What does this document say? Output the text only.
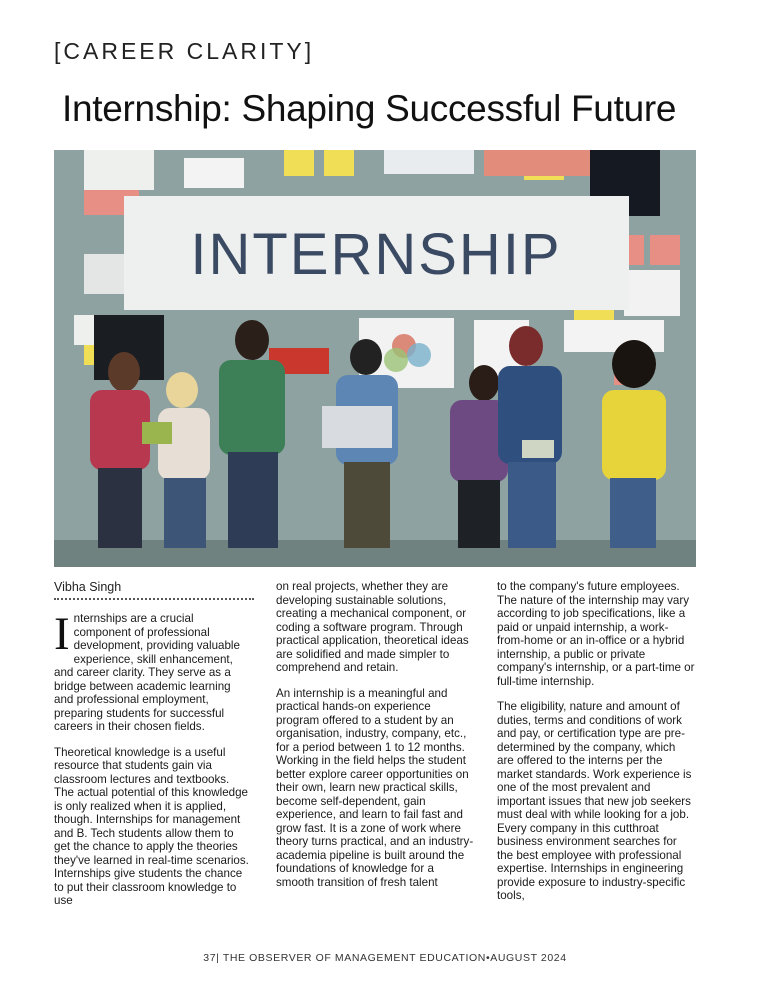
[CAREER CLARITY]
Internship: Shaping Successful Future
INTERNSHIP
Vibha Singh

Internships are a crucial component of professional development, providing valuable experience, skill enhancement, and career clarity. They serve as a bridge between academic learning and professional employment, preparing students for successful careers in their chosen fields.

Theoretical knowledge is a useful resource that students gain via classroom lectures and textbooks. The actual potential of this knowledge is only realized when it is applied, though. Internships for management and B. Tech students allow them to get the chance to apply the theories they've learned in real-time scenarios. Internships give students the chance to put their classroom knowledge to use

on real projects, whether they are developing sustainable solutions, creating a mechanical component, or coding a software program. Through practical application, theoretical ideas are solidified and made simpler to comprehend and retain.

An internship is a meaningful and practical hands-on experience program offered to a student by an organisation, industry, company, etc., for a period between 1 to 12 months. Working in the field helps the student better explore career opportunities on their own, learn new practical skills, become self-dependent, gain experience, and learn to fail fast and grow fast. It is a zone of work where theory turns practical, and an industry-academia pipeline is built around the foundations of knowledge for a smooth transition of fresh talent

to the company's future employees. The nature of the internship may vary according to job specifications, like a paid or unpaid internship, a work-from-home or an in-office or a hybrid internship, a public or private company's internship, or a part-time or full-time internship.

The eligibility, nature and amount of duties, terms and conditions of work and pay, or certification type are pre-determined by the company, which are offered to the interns per the market standards. Work experience is one of the most prevalent and important issues that new job seekers must deal with while looking for a job. Every company in this cutthroat business environment searches for the best employee with professional expertise. Internships in engineering provide exposure to industry-specific tools,

37| THE OBSERVER OF MANAGEMENT EDUCATION•AUGUST 2024
